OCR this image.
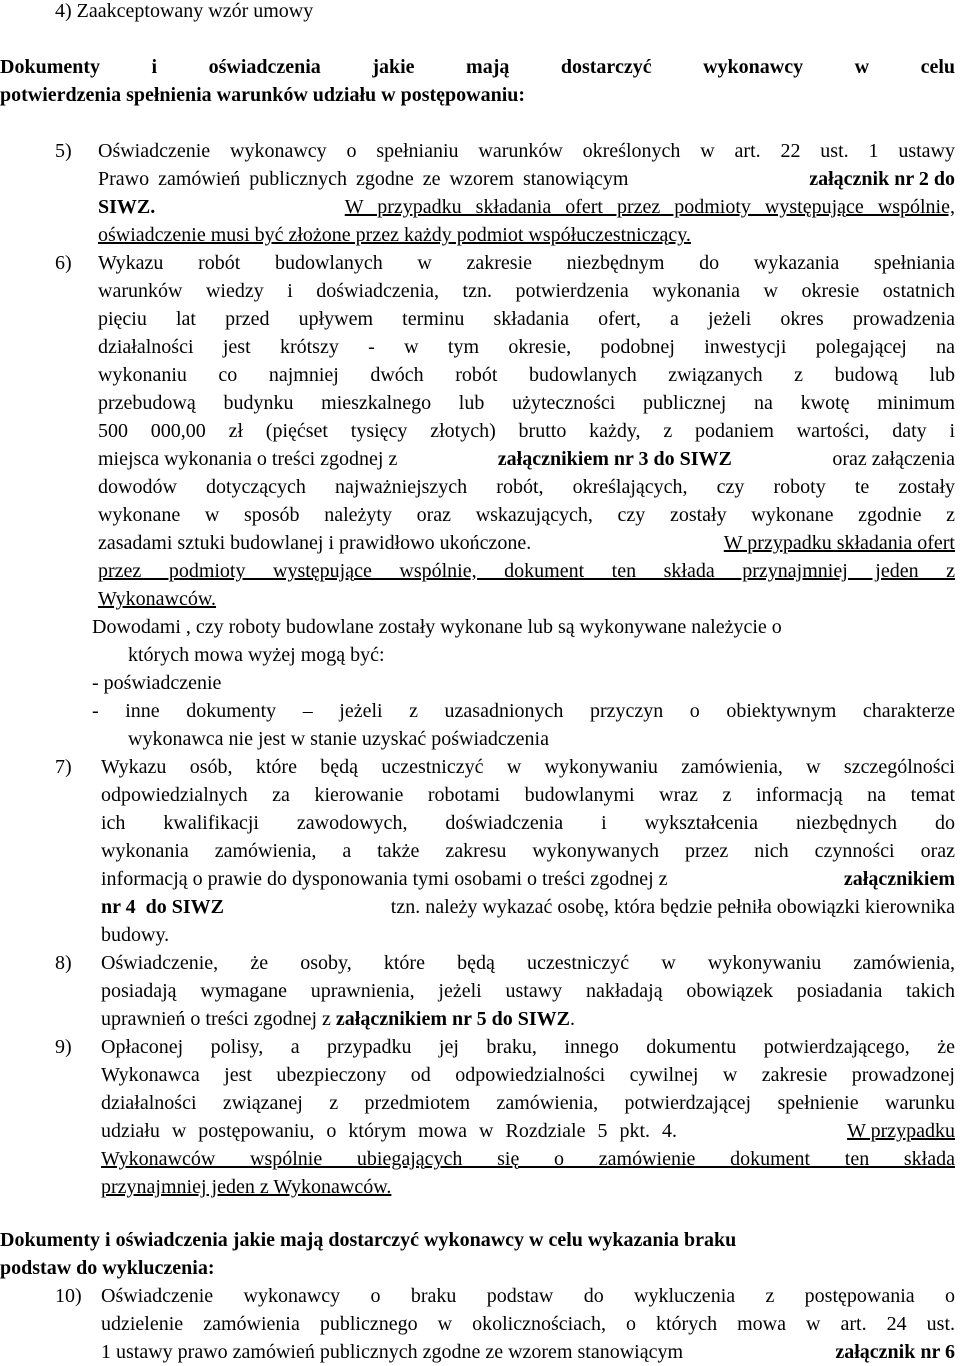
4) Zaakceptowany wzór umowy
Dokumenty i oświadczenia jakie mają dostarczyć wykonawcy w celu
potwierdzenia spełnienia warunków udziału w postępowaniu:
5) Oświadczenie wykonawcy o spełnianiu warunków określonych w art. 22 ust. 1 ustawy
Prawo zamówień publicznych zgodne ze wzorem stanowiącym	załącznik nr 2 do
SIWZ.	W przypadku składania ofert przez podmioty występujące wspólnie,
oświadczenie musi być złożone przez każdy podmiot współuczestniczący.
6) Wykazu robót budowlanych w zakresie niezbędnym do wykazania spełniania
warunków wiedzy i doświadczenia, tzn. potwierdzenia wykonania w okresie ostatnich
pięciu lat przed upływem terminu składania ofert, a jeżeli okres prowadzenia
działalności jest krótszy - w tym okresie, podobnej inwestycji polegającej na
wykonaniu co najmniej dwóch robót budowlanych związanych z budową lub
przebudową budynku mieszkalnego lub użyteczności publicznej na kwotę minimum
500 000,00 zł (pięćset tysięcy złotych) brutto każdy, z podaniem wartości, daty i
miejsca wykonania o treści zgodnej z	załącznikiem nr 3 do SIWZ	oraz załączenia
dowodów dotyczących najważniejszych robót, określających, czy roboty te zostały
wykonane w sposób należyty oraz wskazujących, czy zostały wykonane zgodnie z
zasadami sztuki budowlanej i prawidłowo ukończone.	W przypadku składania ofert
przez podmioty występujące wspólnie, dokument ten składa przynajmniej jeden z
Wykonawców.
Dowodami , czy roboty budowlane zostały wykonane lub są wykonywane należycie o
których mowa wyżej mogą być:
- poświadczenie
- inne dokumenty – jeżeli z uzasadnionych przyczyn o obiektywnym charakterze
wykonawca nie jest w stanie uzyskać poświadczenia
7) Wykazu osób, które będą uczestniczyć w wykonywaniu zamówienia, w szczególności
odpowiedzialnych za kierowanie robotami budowlanymi wraz z informacją na temat
ich kwalifikacji zawodowych, doświadczenia i wykształcenia niezbędnych do
wykonania zamówienia, a także zakresu wykonywanych przez nich czynności oraz
informacją o prawie do dysponowania tymi osobami o treści zgodnej z	załącznikiem
nr 4  do SIWZ	tzn. należy wykazać osobę, która będzie pełniła obowiązki kierownika
budowy.
8) Oświadczenie, że osoby, które będą uczestniczyć w wykonywaniu zamówienia,
posiadają wymagane uprawnienia, jeżeli ustawy nakładają obowiązek posiadania takich
uprawnień o treści zgodnej z załącznikiem nr 5 do SIWZ.
9) Opłaconej polisy, a przypadku jej braku, innego dokumentu potwierdzającego, że
Wykonawca jest ubezpieczony od odpowiedzialności cywilnej w zakresie prowadzonej
działalności związanej z przedmiotem zamówienia, potwierdzającej spełnienie warunku
udziału w postępowaniu, o którym mowa w Rozdziale 5 pkt. 4.	W przypadku
Wykonawców wspólnie ubiegających się o zamówienie dokument ten składa
przynajmniej jeden z Wykonawców.
Dokumenty i oświadczenia jakie mają dostarczyć wykonawcy w celu wykazania braku
podstaw do wykluczenia:
10) Oświadczenie wykonawcy o braku podstaw do wykluczenia z postępowania o
udzielenie zamówienia publicznego w okolicznościach, o których mowa w art. 24 ust.
1 ustawy prawo zamówień publicznych zgodne ze wzorem stanowiącym	załącznik nr 6
